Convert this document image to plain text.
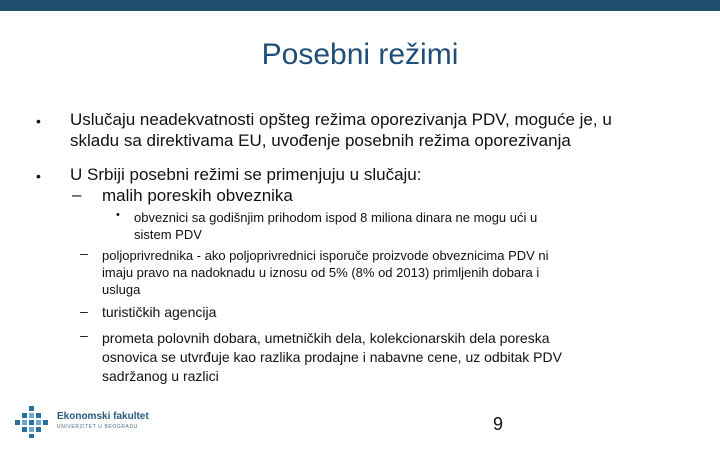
Posebni režimi
• Uslučaju neadekvatnosti opšteg režima oporezivanja PDV, moguće je, u
skladu sa direktivama EU, uvođenje posebnih režima oporezivanja
• U Srbiji posebni režimi se primenjuju u slučaju:
– malih poreskih obveznika
• obveznici sa godišnjim prihodom ispod 8 miliona dinara ne mogu ući u
sistem PDV
– poljoprivrednika - ako poljoprivrednici isporuče proizvode obveznicima PDV ni
imaju pravo na nadoknadu u iznosu od 5% (8% od 2013) primljenih dobara i
usluga
– turističkih agencija
– prometa polovnih dobara, umetničkih dela, kolekcionarskih dela poreska
osnovica se utvrđuje kao razlika prodajne i nabavne cene, uz odbitak PDV
sadržanog u razlici
Ekonomski fakultet
UNIVERZITET U BEOGRADU	9
